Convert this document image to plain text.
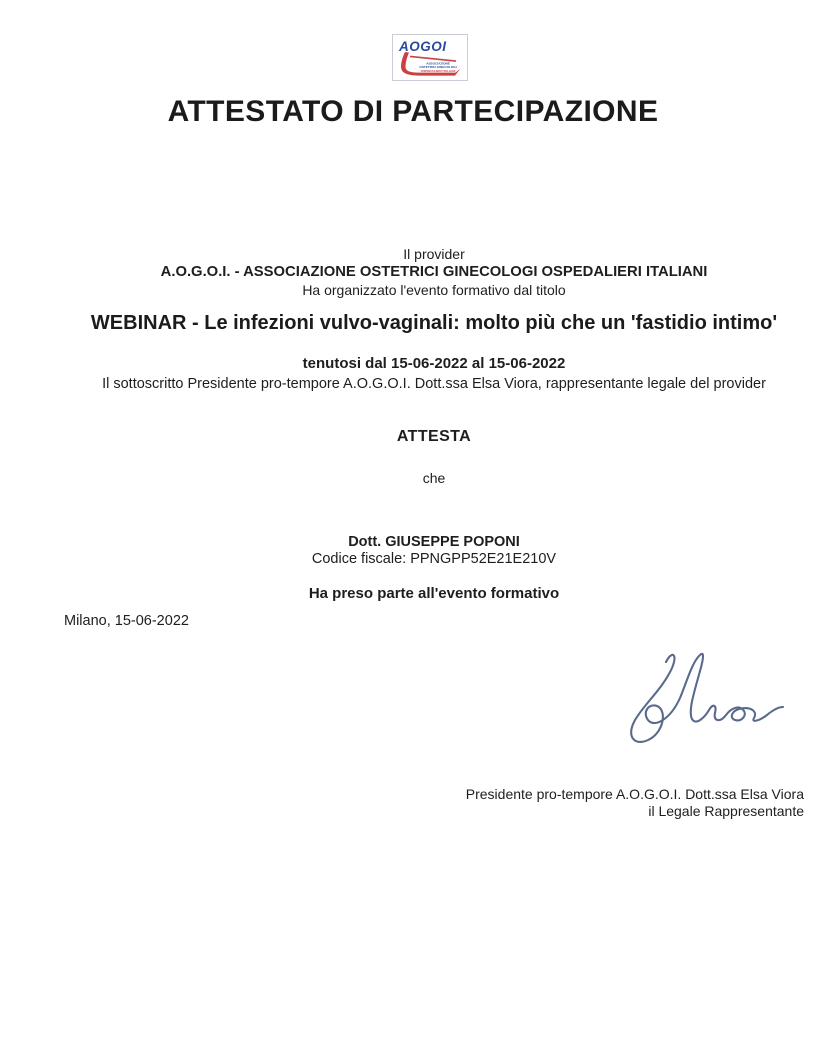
AOGOI
ASSOCIAZIONE
OSTETRICI GINECOLOGI
OSPEDALIERI ITALIANI
ATTESTATO DI PARTECIPAZIONE
Il provider
A.O.G.O.I. - ASSOCIAZIONE OSTETRICI GINECOLOGI OSPEDALIERI ITALIANI
Ha organizzato l'evento formativo dal titolo
WEBINAR - Le infezioni vulvo-vaginali: molto più che un 'fastidio intimo'
tenutosi dal 15-06-2022 al 15-06-2022
Il sottoscritto Presidente pro-tempore A.O.G.O.I. Dott.ssa Elsa Viora, rappresentante legale del provider
ATTESTA
che
Dott. GIUSEPPE POPONI
Codice fiscale: PPNGPP52E21E210V
Ha preso parte all'evento formativo
Milano, 15-06-2022
Presidente pro-tempore A.O.G.O.I. Dott.ssa Elsa Viora
il Legale Rappresentante
